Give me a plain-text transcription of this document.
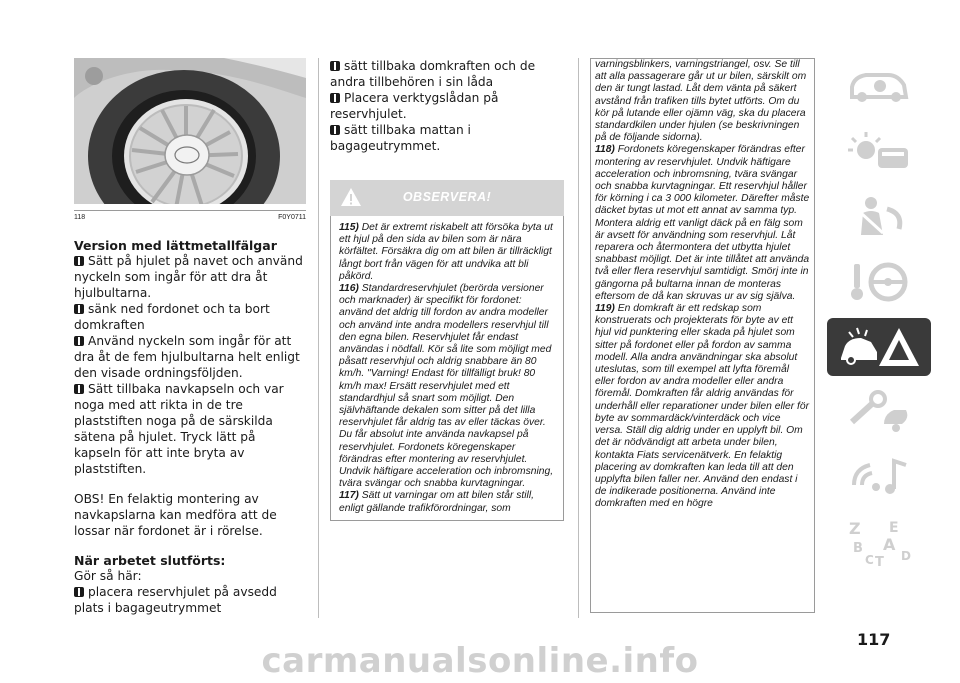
118	F0Y0711
Version med lättmetallfälgar
Sätt på hjulet på navet och använd nyckeln som ingår för att dra åt hjulbultarna.
sänk ned fordonet och ta bort domkraften
Använd nyckeln som ingår för att dra åt de fem hjulbultarna helt enligt den visade ordningsföljden.
Sätt tillbaka navkapseln och var noga med att rikta in de tre plaststiften noga på de särskilda sätena på hjulet. Tryck lätt på kapseln för att inte bryta av plaststiften.

OBS! En felaktig montering av navkapslarna kan medföra att de lossar när fordonet är i rörelse.

När arbetet slutförts:

Gör så här:

placera reservhjulet på avsedd plats i bagageutrymmet
sätt tillbaka domkraften och de andra tillbehören i sin låda
Placera verktygslådan på reservhjulet.
sätt tillbaka mattan i bagageutrymmet.
OBSERVERA!

115) Det är extremt riskabelt att försöka byta ut ett hjul på den sida av bilen som är nära körfältet. Försäkra dig om att bilen är tillräckligt långt bort från vägen för att undvika att bli påkörd.

116) Standardreservhjulet (berörda versioner och marknader) är specifikt för fordonet: använd det aldrig till fordon av andra modeller och använd inte andra modellers reservhjul till den egna bilen. Reservhjulet får endast användas i nödfall. Kör så lite som möjligt med påsatt reservhjul och aldrig snabbare än 80 km/h. "Varning! Endast för tillfälligt bruk! 80 km/h max! Ersätt reservhjulet med ett standardhjul så snart som möjligt. Den självhäftande dekalen som sitter på det lilla reservhjulet får aldrig tas av eller täckas över. Du får absolut inte använda navkapsel på reservhjulet. Fordonets köregenskaper förändras efter montering av reservhjulet. Undvik häftigare acceleration och inbromsning, tvära svängar och snabba kurvtagningar.

117) Sätt ut varningar om att bilen står still, enligt gällande trafikförordningar, som

varningsblinkers, varningstriangel, osv. Se till att alla passagerare går ut ur bilen, särskilt om den är tungt lastad. Låt dem vänta på säkert avstånd från trafiken tills bytet utförts. Om du kör på lutande eller ojämn väg, ska du placera standardkilen under hjulen (se beskrivningen på de följande sidorna).

118) Fordonets köregenskaper förändras efter montering av reservhjulet. Undvik häftigare acceleration och inbromsning, tvära svängar och snabba kurvtagningar. Ett reservhjul håller för körning i ca 3 000 kilometer. Därefter måste däcket bytas ut mot ett annat av samma typ. Montera aldrig ett vanligt däck på en fälg som är avsett för användning som reservhjul. Låt reparera och återmontera det utbytta hjulet snabbast möjligt. Det är inte tillåtet att använda två eller flera reservhjul samtidigt. Smörj inte in gängorna på bultarna innan de monteras eftersom de då kan skruvas ur av sig själva.

119) En domkraft är ett redskap som konstruerats och projekterats för byte av ett hjul vid punktering eller skada på hjulet som sitter på fordonet eller på fordon av samma modell. Alla andra användningar ska absolut uteslutas, som till exempel att lyfta föremål eller fordon av andra modeller eller andra föremål. Domkraften får aldrig användas för underhåll eller reparationer under bilen eller för byte av sommardäck/vinterdäck och vice versa. Ställ dig aldrig under en upplyft bil. Om det är nödvändigt att arbeta under bilen, kontakta Fiats servicenätverk. En felaktig placering av domkraften kan leda till att den upplyfta bilen faller ner. Använd den endast i de indikerade positionerna. Använd inte domkraften med en högre

Z E
B A
C T D
117
carmanualsonline.info
